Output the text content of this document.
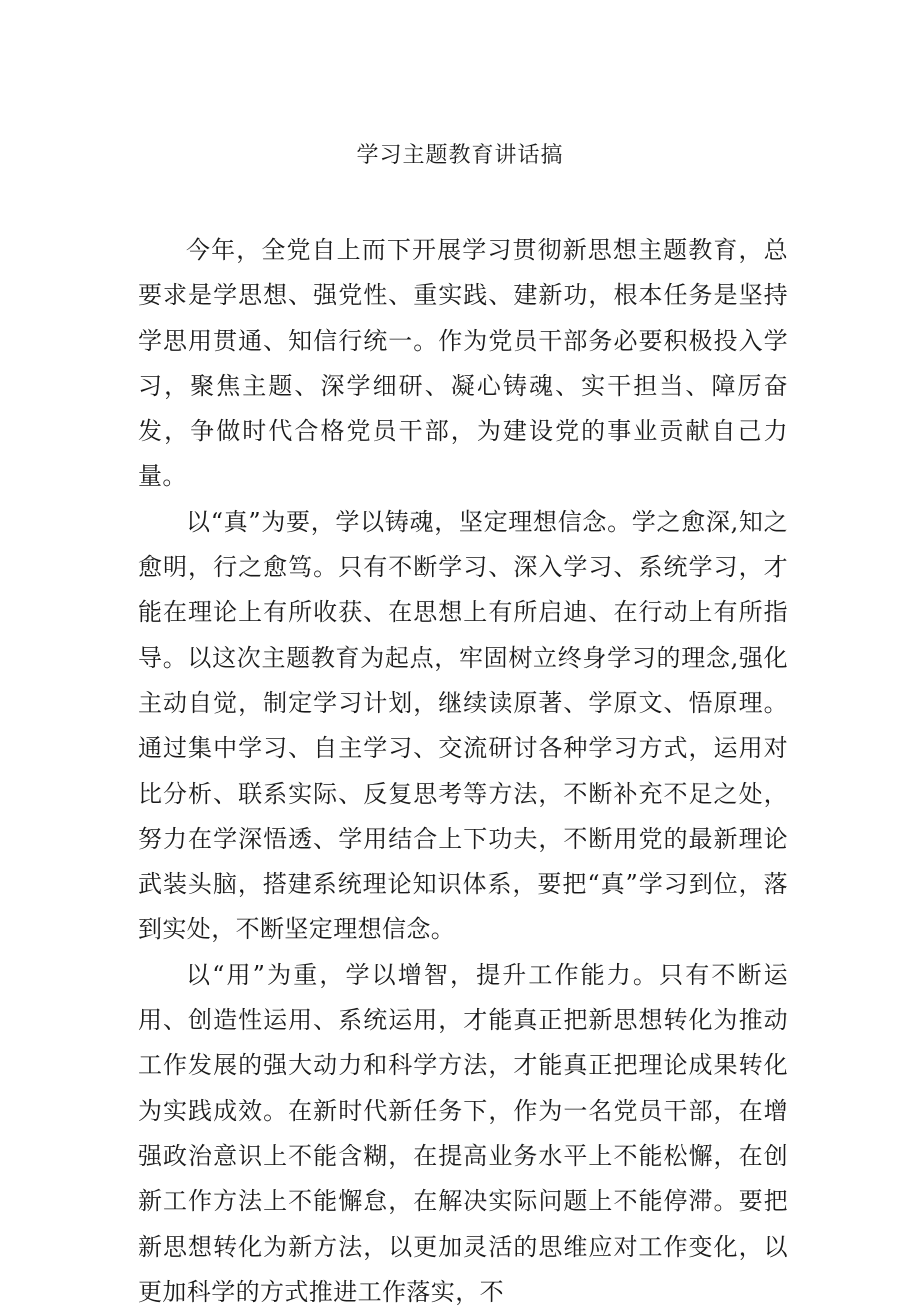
学习主题教育讲话搞

今年，全党自上而下开展学习贯彻新思想主题教育，总要求是学思想、强党性、重实践、建新功，根本任务是坚持学思用贯通、知信行统一。作为党员干部务必要积极投入学习，聚焦主题、深学细研、凝心铸魂、实干担当、障厉奋发，争做时代合格党员干部，为建设党的事业贡献自己力量。

以“真”为要，学以铸魂，坚定理想信念。学之愈深,知之愈明，行之愈笃。只有不断学习、深入学习、系统学习，才能在理论上有所收获、在思想上有所启迪、在行动上有所指导。以这次主题教育为起点，牢固树立终身学习的理念,强化主动自觉，制定学习计划，继续读原著、学原文、悟原理。通过集中学习、自主学习、交流研讨各种学习方式，运用对比分析、联系实际、反复思考等方法，不断补充不足之处，努力在学深悟透、学用结合上下功夫，不断用党的最新理论武装头脑，搭建系统理论知识体系，要把“真”学习到位，落到实处，不断坚定理想信念。

以“用”为重，学以增智，提升工作能力。只有不断运用、创造性运用、系统运用，才能真正把新思想转化为推动工作发展的强大动力和科学方法，才能真正把理论成果转化为实践成效。在新时代新任务下，作为一名党员干部，在增强政治意识上不能含糊，在提高业务水平上不能松懈，在创新工作方法上不能懈怠，在解决实际问题上不能停滞。要把新思想转化为新方法，以更加灵活的思维应对工作变化，以更加科学的方式推进工作落实，不
